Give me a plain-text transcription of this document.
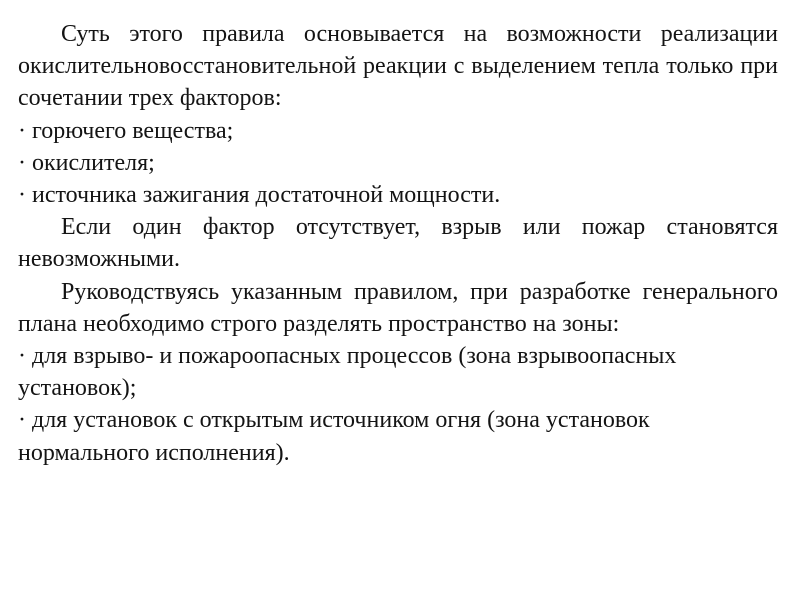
Суть этого правила основывается на возможности реализации окислительновосстановительной реакции с выделением тепла только при сочетании трех факторов:

· горючего вещества;

· окислителя;

· источника зажигания достаточной мощности.

Если один фактор отсутствует, взрыв или пожар становятся невозможными.

Руководствуясь указанным правилом, при разработке генерального плана необходимо строго разделять пространство на зоны:

· для взрыво- и пожароопасных процессов (зона взрывоопасных установок);

· для установок с открытым источником огня (зона установок нормального исполнения).
